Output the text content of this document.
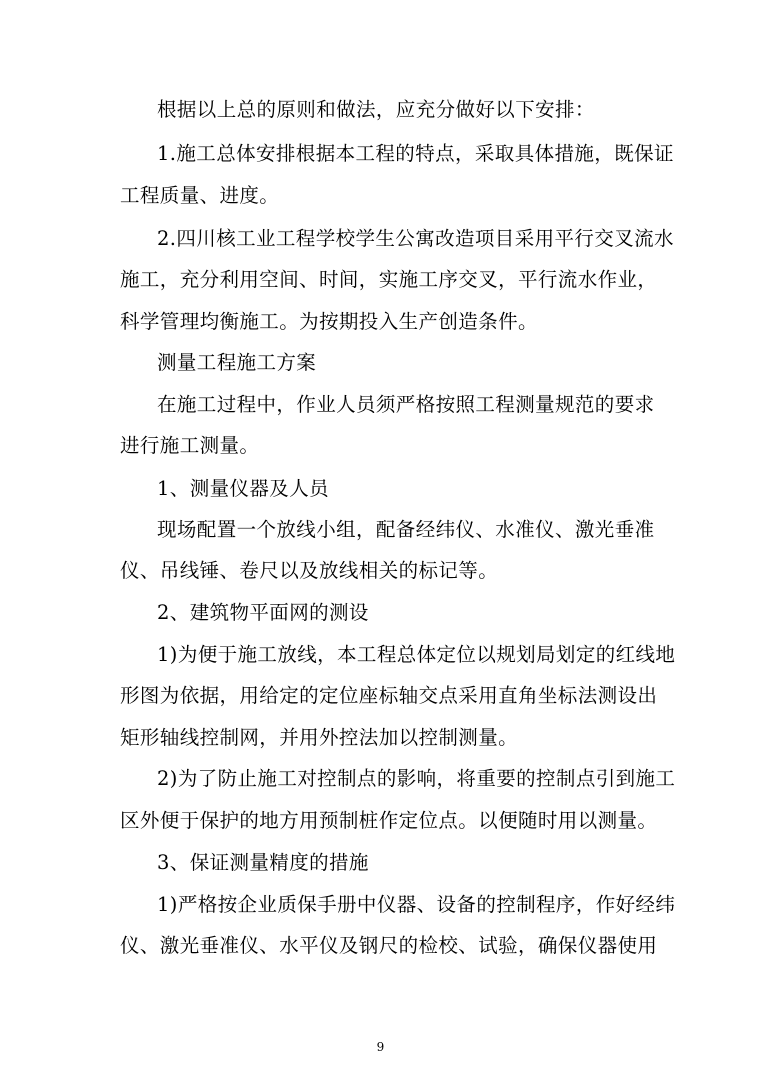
根据以上总的原则和做法，应充分做好以下安排：
1.施工总体安排根据本工程的特点，采取具体措施，既保证
工程质量、进度。
2.四川核工业工程学校学生公寓改造项目采用平行交叉流水
施工，充分利用空间、时间，实施工序交叉，平行流水作业，
科学管理均衡施工。为按期投入生产创造条件。
测量工程施工方案
在施工过程中，作业人员须严格按照工程测量规范的要求
进行施工测量。
1、测量仪器及人员
现场配置一个放线小组，配备经纬仪、水准仪、激光垂准
仪、吊线锤、卷尺以及放线相关的标记等。
2、建筑物平面网的测设
1)为便于施工放线，本工程总体定位以规划局划定的红线地
形图为依据，用给定的定位座标轴交点采用直角坐标法测设出
矩形轴线控制网，并用外控法加以控制测量。
2)为了防止施工对控制点的影响，将重要的控制点引到施工
区外便于保护的地方用预制桩作定位点。以便随时用以测量。
3、保证测量精度的措施
1)严格按企业质保手册中仪器、设备的控制程序，作好经纬
仪、激光垂准仪、水平仪及钢尺的检校、试验，确保仪器使用
9
